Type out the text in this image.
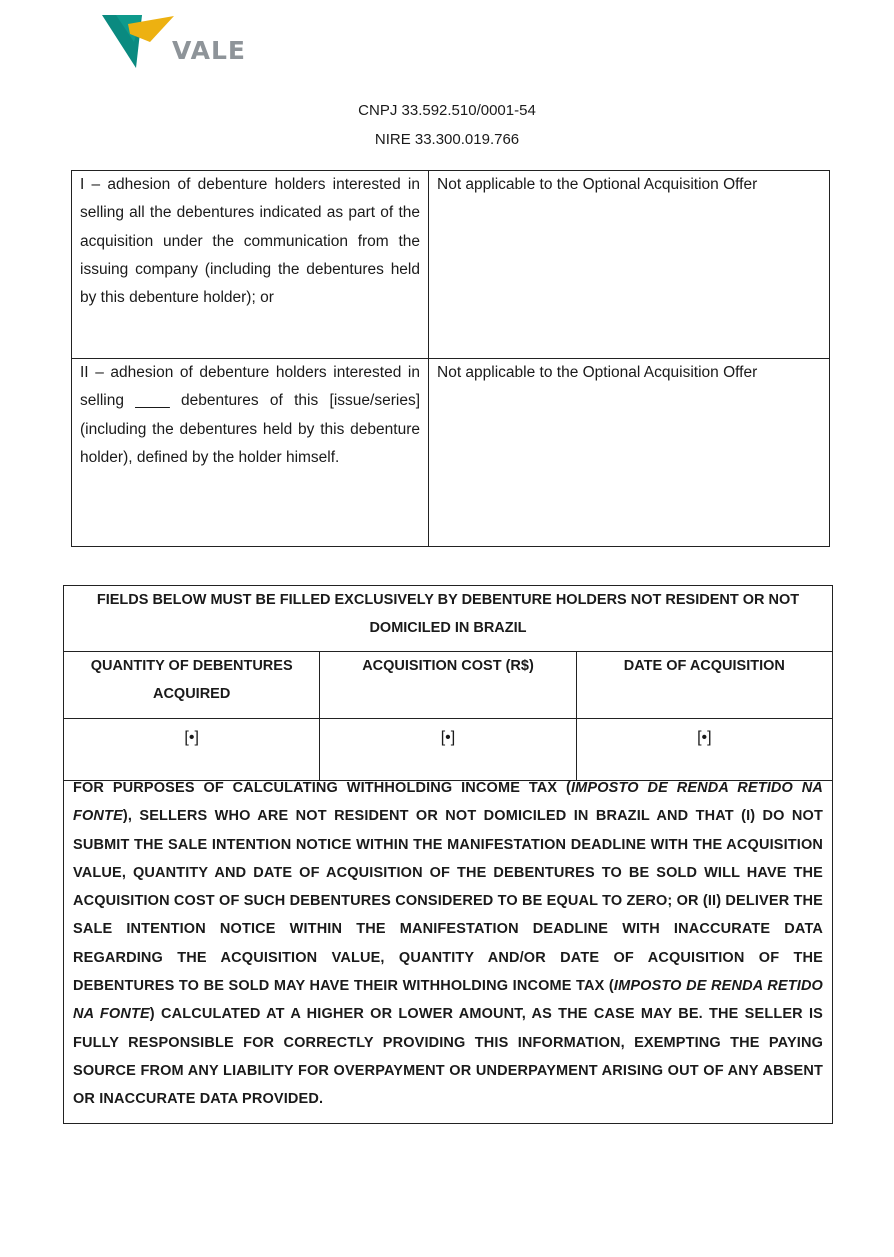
VALE
CNPJ 33.592.510/0001-54
NIRE 33.300.019.766
I – adhesion of debenture holders interested in selling all the debentures indicated as part of the acquisition under the communication from the issuing company (including the debentures held by this debenture holder); or	Not applicable to the Optional Acquisition Offer
II – adhesion of debenture holders interested in selling ____ debentures of this [issue/series] (including the debentures held by this debenture holder), defined by the holder himself.	Not applicable to the Optional Acquisition Offer
FIELDS BELOW MUST BE FILLED EXCLUSIVELY BY DEBENTURE HOLDERS NOT RESIDENT OR NOT DOMICILED IN BRAZIL		
QUANTITY OF DEBENTURES ACQUIRED	ACQUISITION COST (R$)	DATE OF ACQUISITION
[•]	[•]	[•]
FOR PURPOSES OF CALCULATING WITHHOLDING INCOME TAX (IMPOSTO DE RENDA RETIDO NA FONTE), SELLERS WHO ARE NOT RESIDENT OR NOT DOMICILED IN BRAZIL AND THAT (I) DO NOT SUBMIT THE SALE INTENTION NOTICE WITHIN THE MANIFESTATION DEADLINE WITH THE ACQUISITION VALUE, QUANTITY AND DATE OF ACQUISITION OF THE DEBENTURES TO BE SOLD WILL HAVE THE ACQUISITION COST OF SUCH DEBENTURES CONSIDERED TO BE EQUAL TO ZERO; OR (II) DELIVER THE SALE INTENTION NOTICE WITHIN THE MANIFESTATION DEADLINE WITH INACCURATE DATA REGARDING THE ACQUISITION VALUE, QUANTITY AND/OR DATE OF ACQUISITION OF THE DEBENTURES TO BE SOLD MAY HAVE THEIR WITHHOLDING INCOME TAX (IMPOSTO DE RENDA RETIDO NA FONTE) CALCULATED AT A HIGHER OR LOWER AMOUNT, AS THE CASE MAY BE. THE SELLER IS FULLY RESPONSIBLE FOR CORRECTLY PROVIDING THIS INFORMATION, EXEMPTING THE PAYING SOURCE FROM ANY LIABILITY FOR OVERPAYMENT OR UNDERPAYMENT ARISING OUT OF ANY ABSENT OR INACCURATE DATA PROVIDED.
